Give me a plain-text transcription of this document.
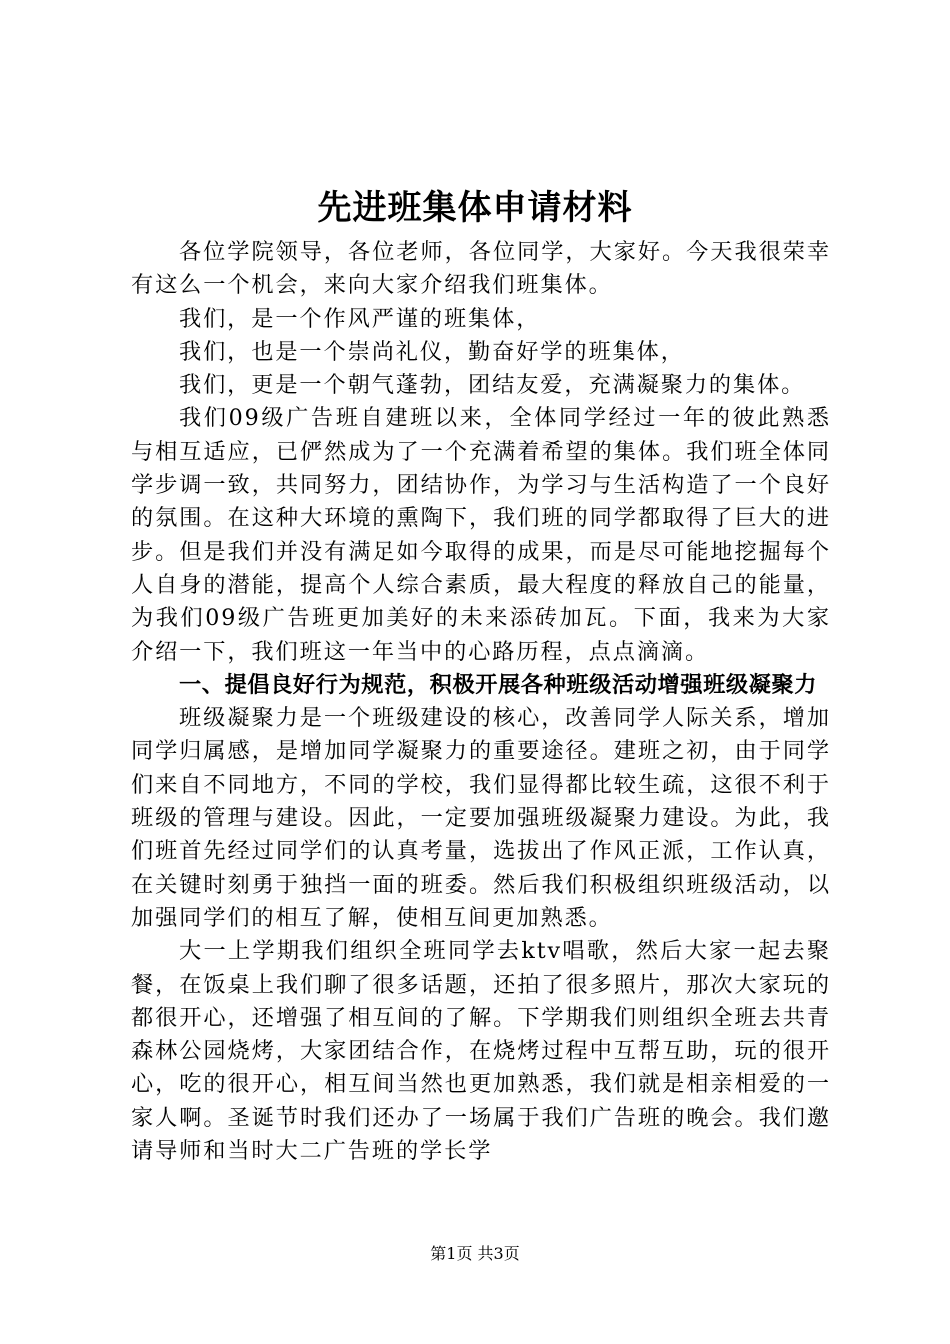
先进班集体申请材料

各位学院领导，各位老师，各位同学，大家好。今天我很荣幸有这么一个机会，来向大家介绍我们班集体。

我们，是一个作风严谨的班集体，

我们，也是一个崇尚礼仪，勤奋好学的班集体，

我们，更是一个朝气蓬勃，团结友爱，充满凝聚力的集体。

我们09级广告班自建班以来，全体同学经过一年的彼此熟悉与相互适应，已俨然成为了一个充满着希望的集体。我们班全体同学步调一致，共同努力，团结协作，为学习与生活构造了一个良好的氛围。在这种大环境的熏陶下，我们班的同学都取得了巨大的进步。但是我们并没有满足如今取得的成果，而是尽可能地挖掘每个人自身的潜能，提高个人综合素质，最大程度的释放自己的能量，为我们09级广告班更加美好的未来添砖加瓦。下面，我来为大家介绍一下，我们班这一年当中的心路历程，点点滴滴。

一、提倡良好行为规范，积极开展各种班级活动增强班级凝聚力

班级凝聚力是一个班级建设的核心，改善同学人际关系，增加同学归属感，是增加同学凝聚力的重要途径。建班之初，由于同学们来自不同地方，不同的学校，我们显得都比较生疏，这很不利于班级的管理与建设。因此，一定要加强班级凝聚力建设。为此，我们班首先经过同学们的认真考量，选拔出了作风正派，工作认真，在关键时刻勇于独挡一面的班委。然后我们积极组织班级活动，以加强同学们的相互了解，使相互间更加熟悉。

大一上学期我们组织全班同学去ktv唱歌，然后大家一起去聚餐，在饭桌上我们聊了很多话题，还拍了很多照片，那次大家玩的都很开心，还增强了相互间的了解。下学期我们则组织全班去共青森林公园烧烤，大家团结合作，在烧烤过程中互帮互助，玩的很开心，吃的很开心，相互间当然也更加熟悉，我们就是相亲相爱的一家人啊。圣诞节时我们还办了一场属于我们广告班的晚会。我们邀请导师和当时大二广告班的学长学

第1页 共3页
